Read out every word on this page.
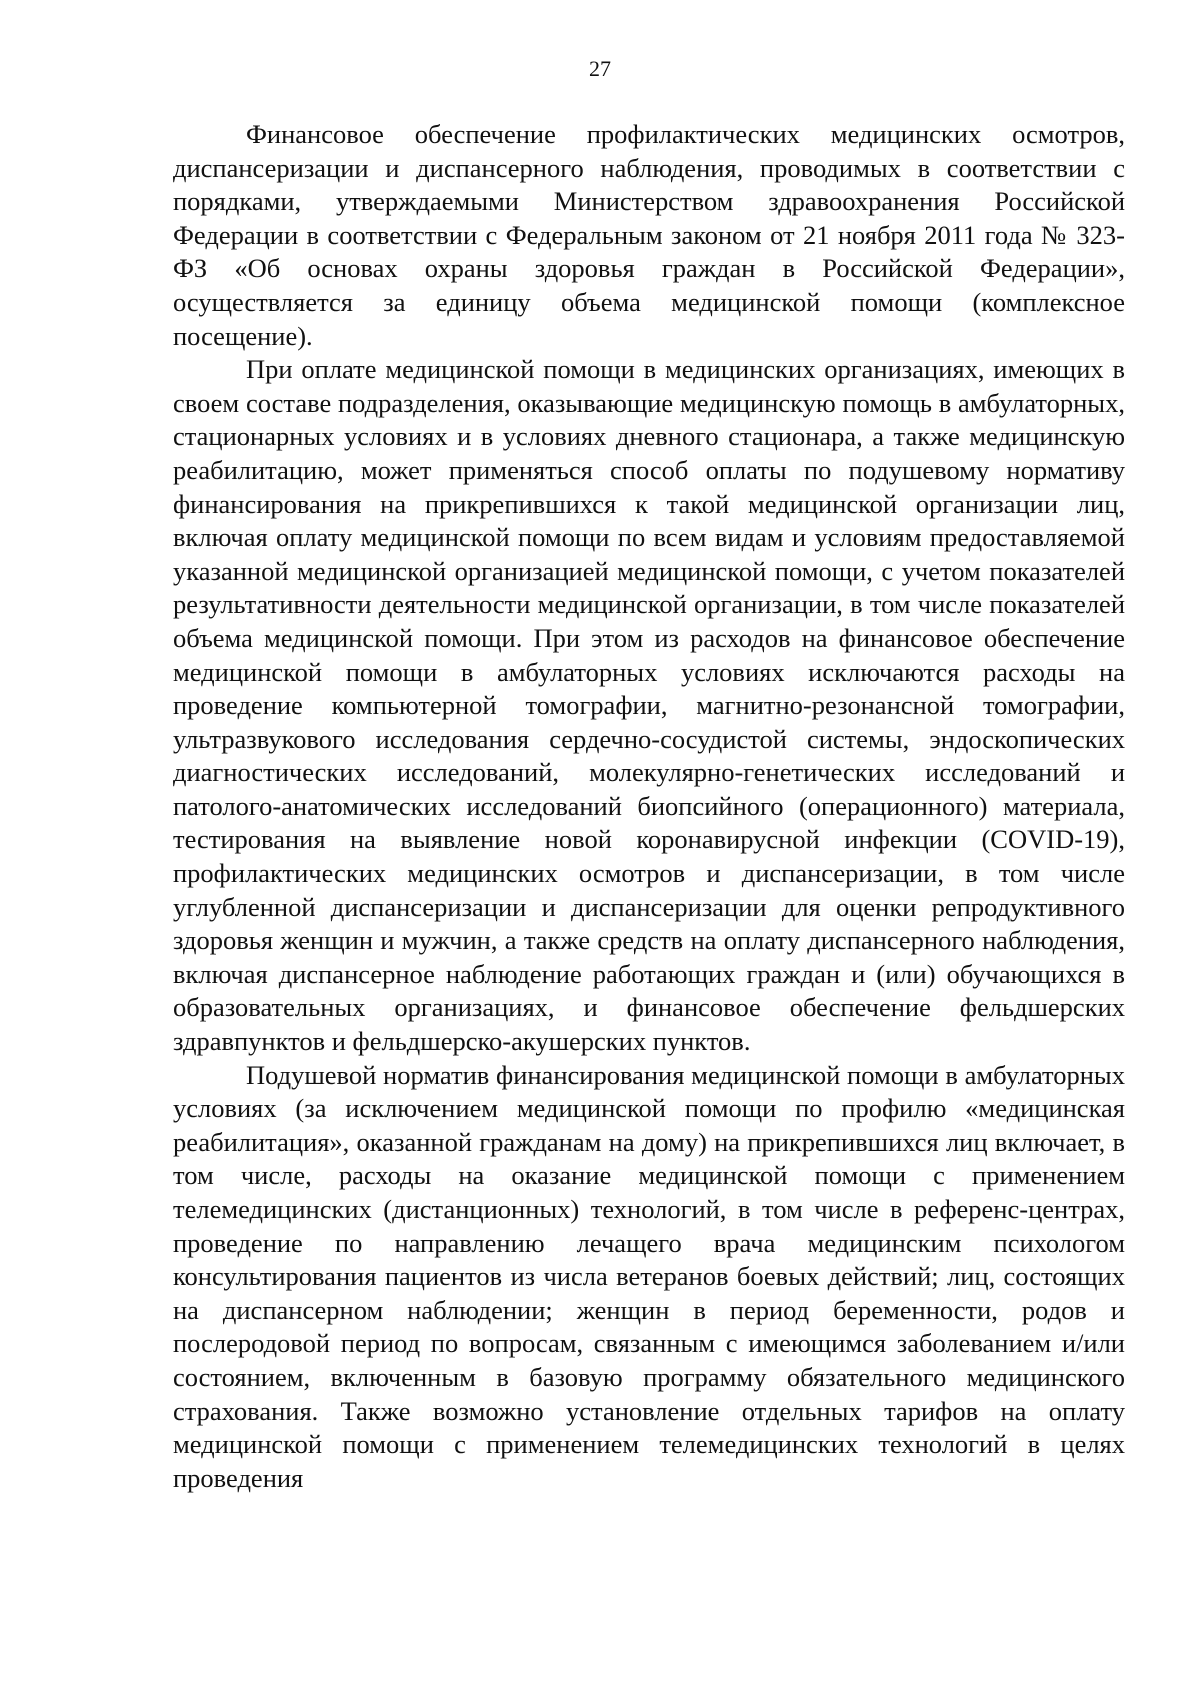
27

Финансовое обеспечение профилактических медицинских осмотров, диспансеризации и диспансерного наблюдения, проводимых в соответствии с порядками, утверждаемыми Министерством здравоохранения Российской Федерации в соответствии с Федеральным законом от 21 ноября 2011 года № 323-ФЗ «Об основах охраны здоровья граждан в Российской Федерации», осуществляется за единицу объема медицинской помощи (комплексное посещение).

При оплате медицинской помощи в медицинских организациях, имеющих в своем составе подразделения, оказывающие медицинскую помощь в амбулаторных, стационарных условиях и в условиях дневного стационара, а также медицинскую реабилитацию, может применяться способ оплаты по подушевому нормативу финансирования на прикрепившихся к такой медицинской организации лиц, включая оплату медицинской помощи по всем видам и условиям предоставляемой указанной медицинской организацией медицинской помощи, с учетом показателей результативности деятельности медицинской организации, в том числе показателей объема медицинской помощи. При этом из расходов на финансовое обеспечение медицинской помощи в амбулаторных условиях исключаются расходы на проведение компьютерной томографии, магнитно-резонансной томографии, ультразвукового исследования сердечно-сосудистой системы, эндоскопических диагностических исследований, молекулярно-генетических исследований и патолого-анатомических исследований биопсийного (операционного) материала, тестирования на выявление новой коронавирусной инфекции (COVID-19), профилактических медицинских осмотров и диспансеризации, в том числе углубленной диспансеризации и диспансеризации для оценки репродуктивного здоровья женщин и мужчин, а также средств на оплату диспансерного наблюдения, включая диспансерное наблюдение работающих граждан и (или) обучающихся в образовательных организациях, и финансовое обеспечение фельдшерских здравпунктов и фельдшерско-акушерских пунктов.

Подушевой норматив финансирования медицинской помощи в амбулаторных условиях (за исключением медицинской помощи по профилю «медицинская реабилитация», оказанной гражданам на дому) на прикрепившихся лиц включает, в том числе, расходы на оказание медицинской помощи с применением телемедицинских (дистанционных) технологий, в том числе в референс-центрах, проведение по направлению лечащего врача медицинским психологом консультирования пациентов из числа ветеранов боевых действий; лиц, состоящих на диспансерном наблюдении; женщин в период беременности, родов и послеродовой период по вопросам, связанным с имеющимся заболеванием и/или состоянием, включенным в базовую программу обязательного медицинского страхования. Также возможно установление отдельных тарифов на оплату медицинской помощи с применением телемедицинских технологий в целях проведения
